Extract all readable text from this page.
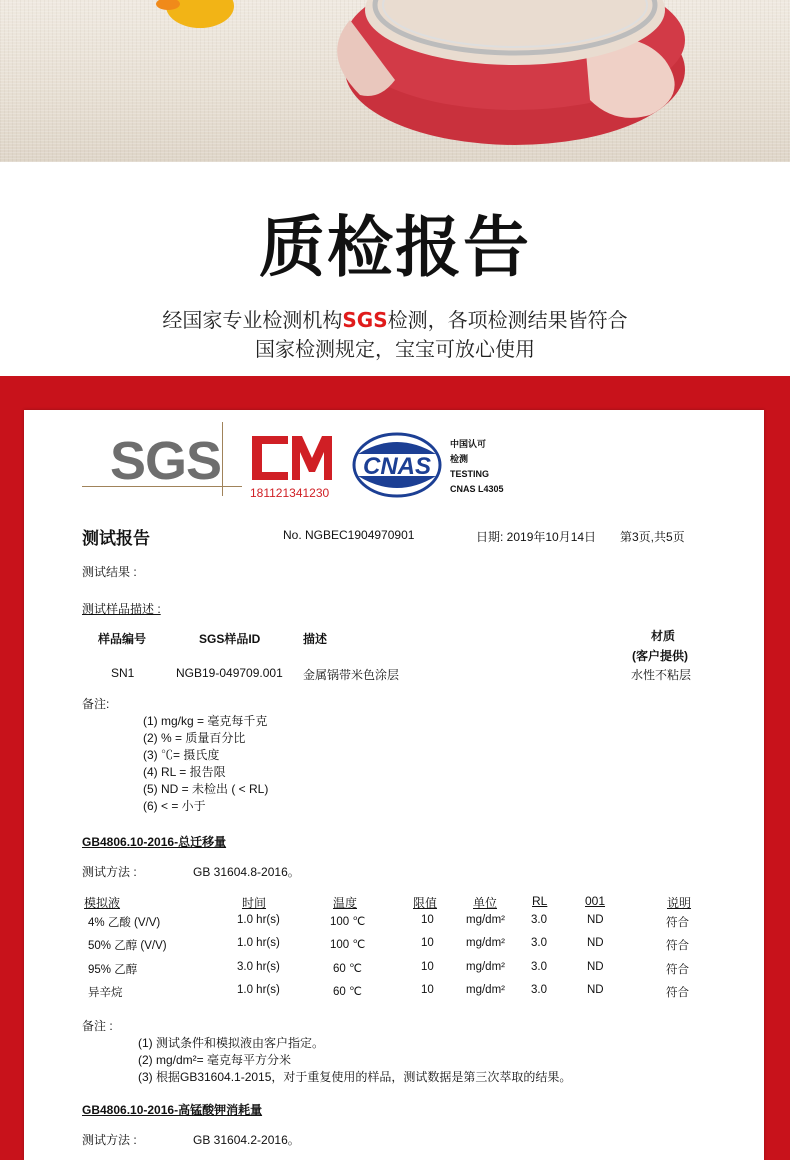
质检报告
经国家专业检测机构SGS检测，各项检测结果皆符合
国家检测规定，宝宝可放心使用
SGS
181121341230
CNAS
中国认可
检测
TESTING
CNAS L4305
测试报告	No. NGBEC1904970901	日期: 2019年10月14日 第3页,共5页
测试结果 :
测试样品描述 :
样品编号	SGS样品ID	描述	材质
(客户提供)
SN1	NGB19-049709.001 金属锅带米色涂层	水性不粘层
备注:
(1) mg/kg = 毫克每千克
(2) % = 质量百分比
(3) ℃= 摄氏度
(4) RL = 报告限
(5) ND = 未检出 ( < RL)
(6) < = 小于
GB4806.10-2016-总迁移量
测试方法 :	GB 31604.8-2016。
模拟液	时间	温度	限值	单位	RL	001	说明
4% 乙酸 (V/V)	1.0 hr(s)	100 ℃	10	mg/dm² 3.0	ND	符合
50% 乙醇 (V/V)	1.0 hr(s)	100 ℃	10	mg/dm² 3.0	ND	符合
95% 乙醇	3.0 hr(s)	60 ℃	10	mg/dm² 3.0	ND	符合
异辛烷	1.0 hr(s)	60 ℃	10	mg/dm² 3.0	ND	符合
备注 :
(1) 测试条件和模拟液由客户指定。
(2) mg/dm²= 毫克每平方分米
(3) 根据GB31604.1-2015，对于重复使用的样品，测试数据是第三次萃取的结果。
GB4806.10-2016-高锰酸钾消耗量
测试方法 :	GB 31604.2-2016。
